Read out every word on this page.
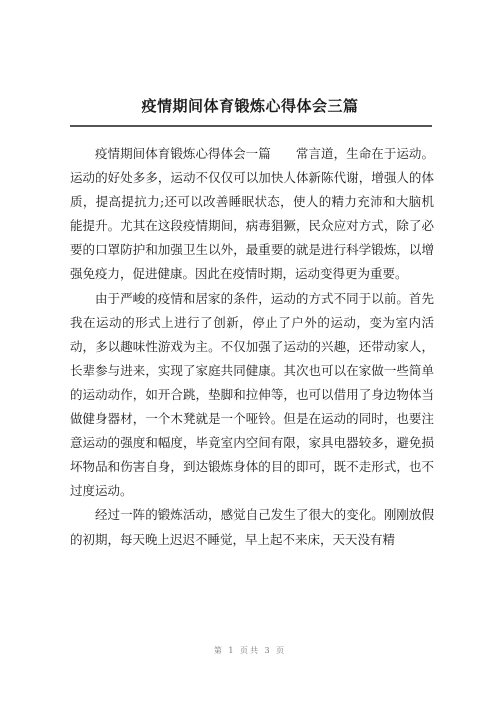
疫情期间体育锻炼心得体会三篇

疫情期间体育锻炼心得体会一篇　　常言道，生命在于运动。运动的好处多多，运动不仅仅可以加快人体新陈代谢，增强人的体质，提高提抗力;还可以改善睡眠状态，使人的精力充沛和大脑机能提升。尤其在这段疫情期间，病毒猖獗，民众应对方式，除了必要的口罩防护和加强卫生以外，最重要的就是进行科学锻炼，以增强免疫力，促进健康。因此在疫情时期，运动变得更为重要。

由于严峻的疫情和居家的条件，运动的方式不同于以前。首先我在运动的形式上进行了创新，停止了户外的运动，变为室内活动，多以趣味性游戏为主。不仅加强了运动的兴趣，还带动家人，长辈参与进来，实现了家庭共同健康。其次也可以在家做一些简单的运动动作，如开合跳，垫脚和拉伸等，也可以借用了身边物体当做健身器材，一个木凳就是一个哑铃。但是在运动的同时，也要注意运动的强度和幅度，毕竟室内空间有限，家具电器较多，避免损坏物品和伤害自身，到达锻炼身体的目的即可，既不走形式，也不过度运动。

经过一阵的锻炼活动，感觉自己发生了很大的变化。刚刚放假的初期，每天晚上迟迟不睡觉，早上起不来床，天天没有精

第 1 页共 3 页
